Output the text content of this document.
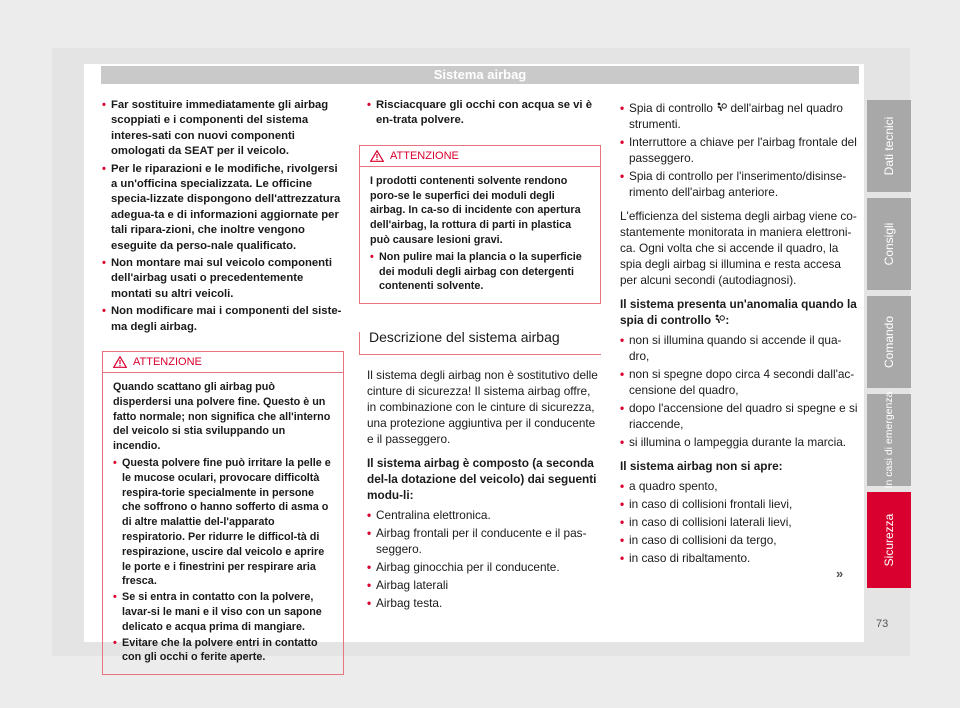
Sistema airbag
• Far sostituire immediatamente gli airbag scoppiati e i componenti del sistema interes-sati con nuovi componenti omologati da SEAT per il veicolo.
• Per le riparazioni e le modifiche, rivolgersi a un'officina specializzata. Le officine specia-lizzate dispongono dell'attrezzatura adegua-ta e di informazioni aggiornate per tali ripara-zioni, che inoltre vengono eseguite da perso-nale qualificato.
• Non montare mai sul veicolo componenti dell'airbag usati o precedentemente montati su altri veicoli.
• Non modificare mai i componenti del siste-ma degli airbag.
ATTENZIONE

Quando scattano gli airbag può disperdersi una polvere fine. Questo è un fatto normale; non significa che all'interno del veicolo si stia sviluppando un incendio.

• Questa polvere fine può irritare la pelle e le mucose oculari, provocare difficoltà respira-torie specialmente in persone che soffrono o hanno sofferto di asma o di altre malattie del-l'apparato respiratorio. Per ridurre le difficol-tà di respirazione, uscire dal veicolo e aprire le porte e i finestrini per respirare aria fresca.
• Se si entra in contatto con la polvere, lavar-si le mani e il viso con un sapone delicato e acqua prima di mangiare.
• Evitare che la polvere entri in contatto con gli occhi o ferite aperte.
• Risciacquare gli occhi con acqua se vi è en-trata polvere.
ATTENZIONE

I prodotti contenenti solvente rendono poro-se le superfici dei moduli degli airbag. In ca-so di incidente con apertura dell'airbag, la rottura di parti in plastica può causare lesioni gravi.

• Non pulire mai la plancia o la superficie dei moduli degli airbag con detergenti contenenti solvente.
Descrizione del sistema airbag

Il sistema degli airbag non è sostitutivo delle cinture di sicurezza! Il sistema airbag offre, in combinazione con le cinture di sicurezza, una protezione aggiuntiva per il conducente e il passeggero.

Il sistema airbag è composto (a seconda del-la dotazione del veicolo) dai seguenti modu-li:

• Centralina elettronica.
• Airbag frontali per il conducente e il pas-seggero.
• Airbag ginocchia per il conducente.
• Airbag laterali
• Airbag testa.
• Spia di controllo  dell'airbag nel quadro strumenti.
• Interruttore a chiave per l'airbag frontale del passeggero.
• Spia di controllo per l'inserimento/disinse-rimento dell'airbag anteriore.

L'efficienza del sistema degli airbag viene co-stantemente monitorata in maniera elettroni-ca. Ogni volta che si accende il quadro, la spia degli airbag si illumina e resta accesa per alcuni secondi (autodiagnosi).

Il sistema presenta un'anomalia quando la spia di controllo :

• non si illumina quando si accende il qua-dro,
• non si spegne dopo circa 4 secondi dall'ac-censione del quadro,
• dopo l'accensione del quadro si spegne e si riaccende,
• si illumina o lampeggia durante la marcia.

Il sistema airbag non si apre:

• a quadro spento,
• in caso di collisioni frontali lievi,
• in caso di collisioni laterali lievi,
• in caso di collisioni da tergo,
• in caso di ribaltamento.
»
Dati tecnici
Consigli
Comando
In casi di emergenza
Sicurezza
73
